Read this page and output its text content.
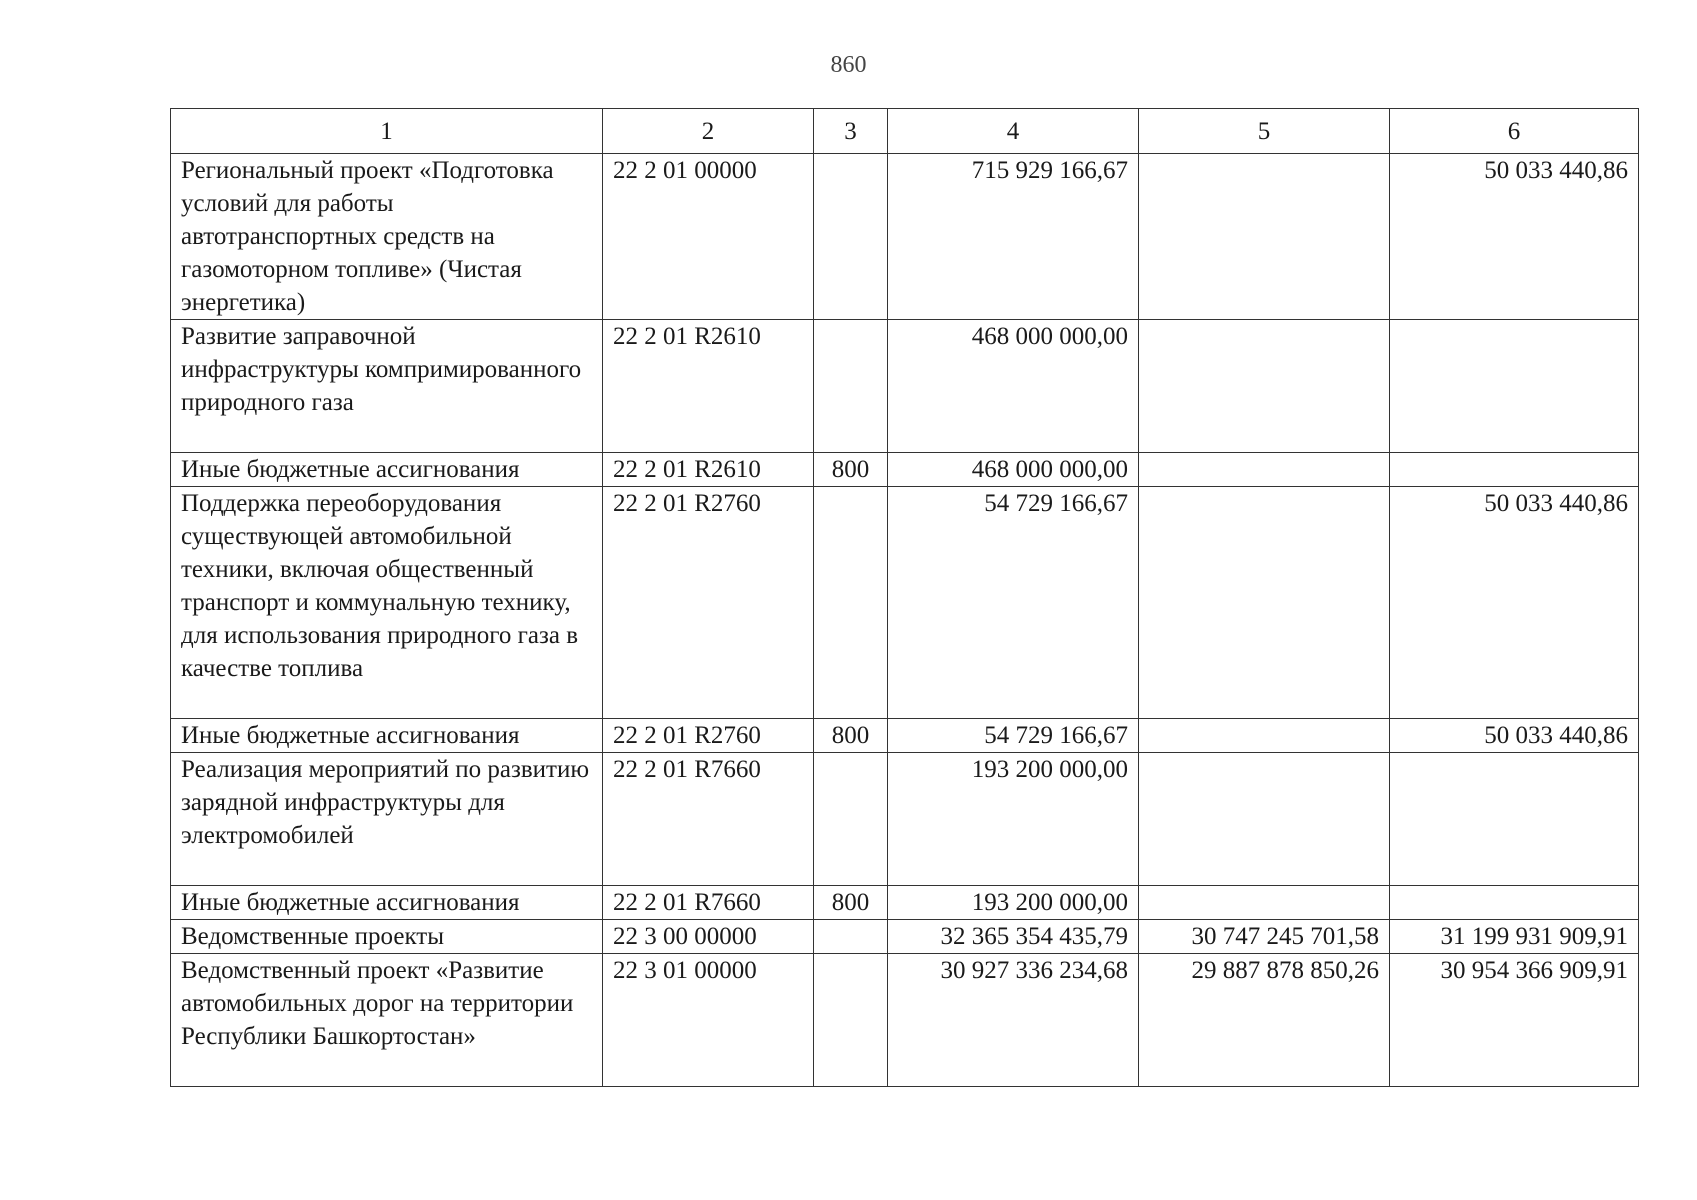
860
1	2	3	4	5	6
Региональный проект «Подготовка условий для работы автотранспортных средств на газомоторном топливе» (Чистая энергетика)	22 2 01 00000		715 929 166,67		50 033 440,86
Развитие заправочной инфраструктуры компримированного природного газа	22 2 01 R2610		468 000 000,00		
Иные бюджетные ассигнования	22 2 01 R2610	800	468 000 000,00		
Поддержка переоборудования существующей автомобильной техники, включая общественный транспорт и коммунальную технику, для использования природного газа в качестве топлива	22 2 01 R2760		54 729 166,67		50 033 440,86
Иные бюджетные ассигнования	22 2 01 R2760	800	54 729 166,67		50 033 440,86
Реализация мероприятий по развитию зарядной инфраструктуры для электромобилей	22 2 01 R7660		193 200 000,00		
Иные бюджетные ассигнования	22 2 01 R7660	800	193 200 000,00		
Ведомственные проекты	22 3 00 00000		32 365 354 435,79	30 747 245 701,58	31 199 931 909,91
Ведомственный проект «Развитие автомобильных дорог на территории Республики Башкортостан»	22 3 01 00000		30 927 336 234,68	29 887 878 850,26	30 954 366 909,91
